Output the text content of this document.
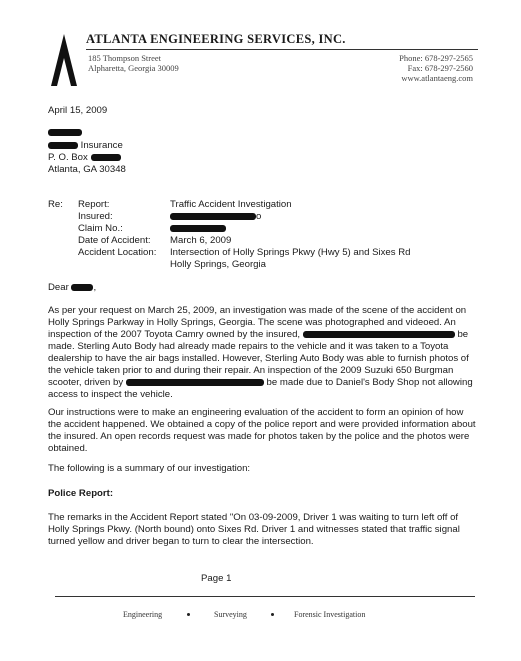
ATLANTA ENGINEERING SERVICES, INC.
185 Thompson Street
Alpharetta, Georgia 30009
Phone: 678-297-2565
Fax: 678-297-2560
www.atlantaeng.com
April 15, 2009
Insurance
P. O. Box
Atlanta, GA 30348
Re: Report:	Traffic Accident Investigation
Insured:	o
Claim No.:
Date of Accident: March 6, 2009
Accident Location: Intersection of Holly Springs Pkwy (Hwy 5) and Sixes Rd
Holly Springs, Georgia
Dear	,
As per your request on March 25, 2009, an investigation was made of the scene of the accident on Holly Springs Parkway in Holly Springs, Georgia. The scene was photographed and videoed. An inspection of the 2007 Toyota Camry owned by the insured,	be made. Sterling Auto Body had already made repairs to the vehicle and it was taken to a Toyota dealership to have the air bags installed. However, Sterling Auto Body was able to furnish photos of the vehicle taken prior to and during their repair. An inspection of the 2009 Suzuki 650 Burgman scooter, driven by	be made due to Daniel's Body Shop not allowing access to inspect the vehicle.
Our instructions were to make an engineering evaluation of the accident to form an opinion of how the accident happened. We obtained a copy of the police report and were provided information about the insured. An open records request was made for photos taken by the police and the photos were obtained.
The following is a summary of our investigation:
Police Report:
The remarks in the Accident Report stated "On 03-09-2009, Driver 1 was waiting to turn left off of Holly Springs Pkwy. (North bound) onto Sixes Rd. Driver 1 and witnesses stated that traffic signal turned yellow and driver began to turn to clear the intersection.
Page 1
Engineering	Surveying	Forensic Investigation
